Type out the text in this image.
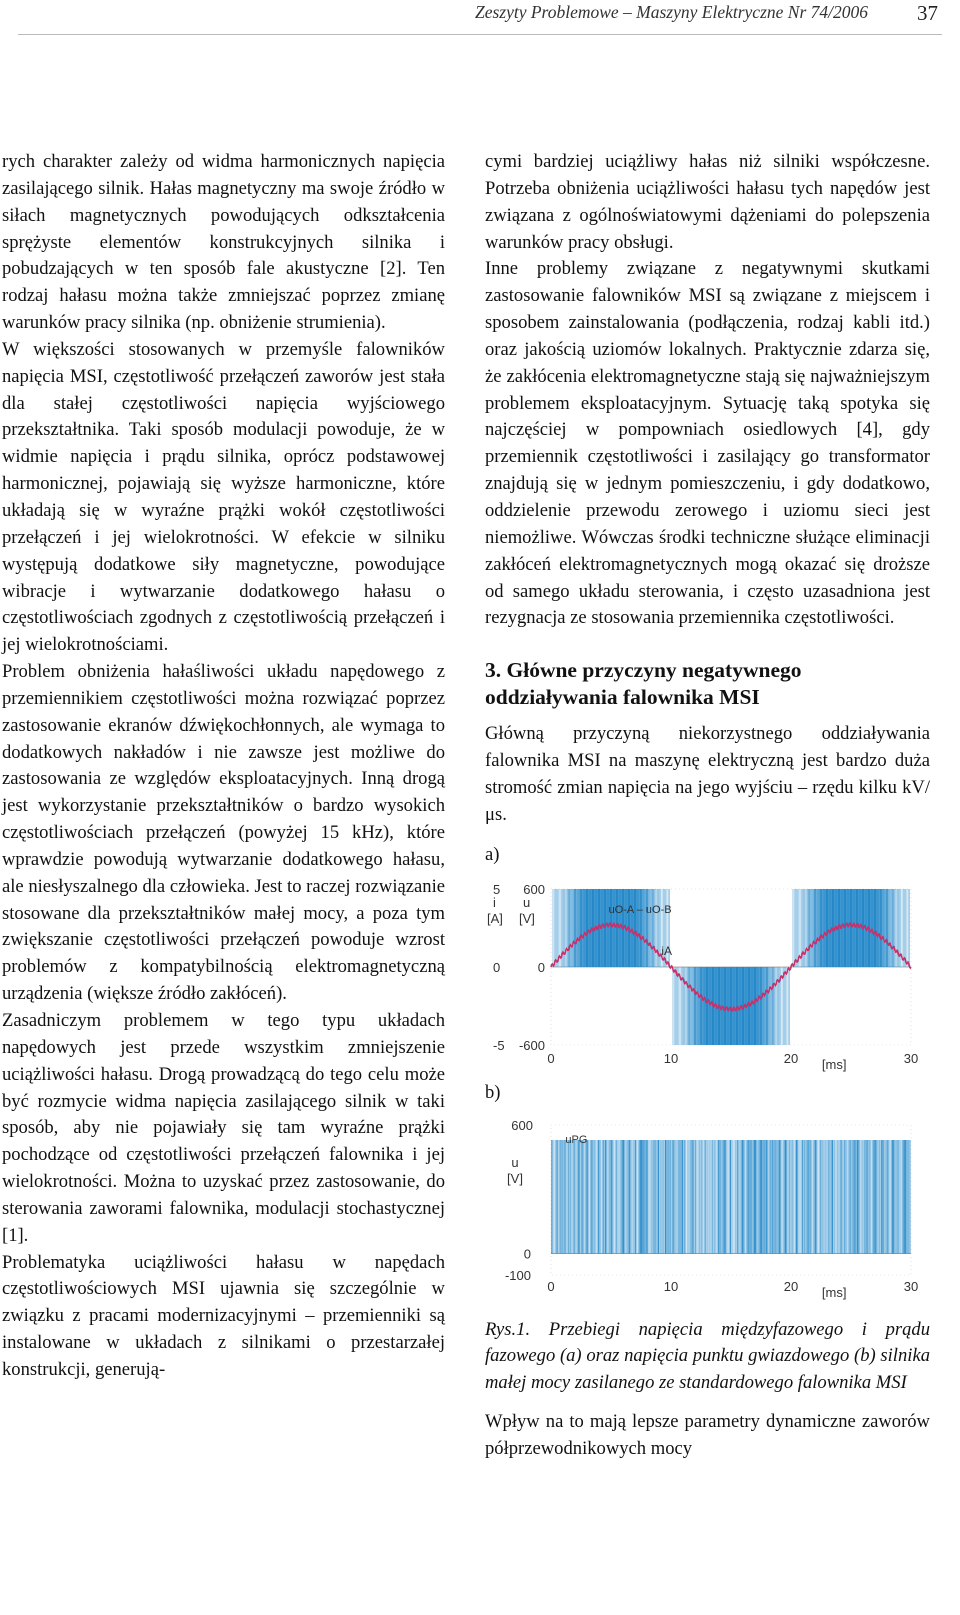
Zeszyty Problemowe – Maszyny Elektryczne Nr 74/2006 37

rych charakter zależy od widma harmonicznych napięcia zasilającego silnik. Hałas magnetyczny ma swoje źródło w siłach magnetycznych powodujących odkształcenia sprężyste elementów konstrukcyjnych silnika i pobudzających w ten sposób fale akustyczne [2]. Ten rodzaj hałasu można także zmniejszać poprzez zmianę warunków pracy silnika (np. obniżenie strumienia).

W większości stosowanych w przemyśle falowników napięcia MSI, częstotliwość przełączeń zaworów jest stała dla stałej częstotliwości napięcia wyjściowego przekształtnika. Taki sposób modulacji powoduje, że w widmie napięcia i prądu silnika, oprócz podstawowej harmonicznej, pojawiają się wyższe harmoniczne, które układają się w wyraźne prążki wokół częstotliwości przełączeń i jej wielokrotności. W efekcie w silniku występują dodatkowe siły magnetyczne, powodujące wibracje i wytwarzanie dodatkowego hałasu o częstotliwościach zgodnych z częstotliwością przełączeń i jej wielokrotnościami.

Problem obniżenia hałaśliwości układu napędowego z przemiennikiem częstotliwości można rozwiązać poprzez zastosowanie ekranów dźwiękochłonnych, ale wymaga to dodatkowych nakładów i nie zawsze jest możliwe do zastosowania ze względów eksploatacyjnych. Inną drogą jest wykorzystanie przekształtników o bardzo wysokich częstotliwościach przełączeń (powyżej 15 kHz), które wprawdzie powodują wytwarzanie dodatkowego hałasu, ale niesłyszalnego dla człowieka. Jest to raczej rozwiązanie stosowane dla przekształtników małej mocy, a poza tym zwiększanie częstotliwości przełączeń powoduje wzrost problemów z kompatybilnością elektromagnetyczną urządzenia (większe źródło zakłóceń).

Zasadniczym problemem w tego typu układach napędowych jest przede wszystkim zmniejszenie uciążliwości hałasu. Drogą prowadzącą do tego celu może być rozmycie widma napięcia zasilającego silnik w taki sposób, aby nie pojawiały się tam wyraźne prążki pochodzące od częstotliwości przełączeń falownika i jej wielokrotności. Można to uzyskać przez zastosowanie, do sterowania zaworami falownika, modulacji stochastycznej [1].

Problematyka uciążliwości hałasu w napędach częstotliwościowych MSI ujawnia się szczególnie w związku z pracami modernizacyjnymi – przemienniki są instalowane w układach z silnikami o przestarzałej konstrukcji, generują-

cymi bardziej uciążliwy hałas niż silniki współczesne. Potrzeba obniżenia uciążliwości hałasu tych napędów jest związana z ogólnoświatowymi dążeniami do polepszenia warunków pracy obsługi.

Inne problemy związane z negatywnymi skutkami zastosowanie falowników MSI są związane z miejscem i sposobem zainstalowania (podłączenia, rodzaj kabli itd.) oraz jakością uziomów lokalnych. Praktycznie zdarza się, że zakłócenia elektromagnetyczne stają się najważniejszym problemem eksploatacyjnym. Sytuację taką spotyka się najczęściej w pompowniach osiedlowych [4], gdy przemiennik częstotliwości i zasilający go transformator znajdują się w jednym pomieszczeniu, i gdy dodatkowo, oddzielenie przewodu zerowego i uziomu sieci jest niemożliwe. Wówczas środki techniczne służące eliminacji zakłóceń elektromagnetycznych mogą okazać się droższe od samego układu sterowania, i często uzasadniona jest rezygnacja ze stosowania przemiennika częstotliwości.

3. Główne przyczyny negatywnego oddziaływania falownika MSI

Główną przyczyną niekorzystnego oddziaływania falownika MSI na maszynę elektryczną jest bardzo duża stromość zmian napięcia na jego wyjściu – rzędu kilku kV/μs.

a)

i
[A]
u
[V]
5
0
-5
600
0
-600
0	10	20	30
[ms]
uO-A – uO-B
iA

b)

600
u
[V]
0
-100
0	10	20	30
[ms]
uPG

Rys.1. Przebiegi napięcia międzyfazowego i prądu fazowego (a) oraz napięcia punktu gwiazdowego (b) silnika małej mocy zasilanego ze standardowego falownika MSI

Wpływ na to mają lepsze parametry dynamiczne zaworów półprzewodnikowych mocy
